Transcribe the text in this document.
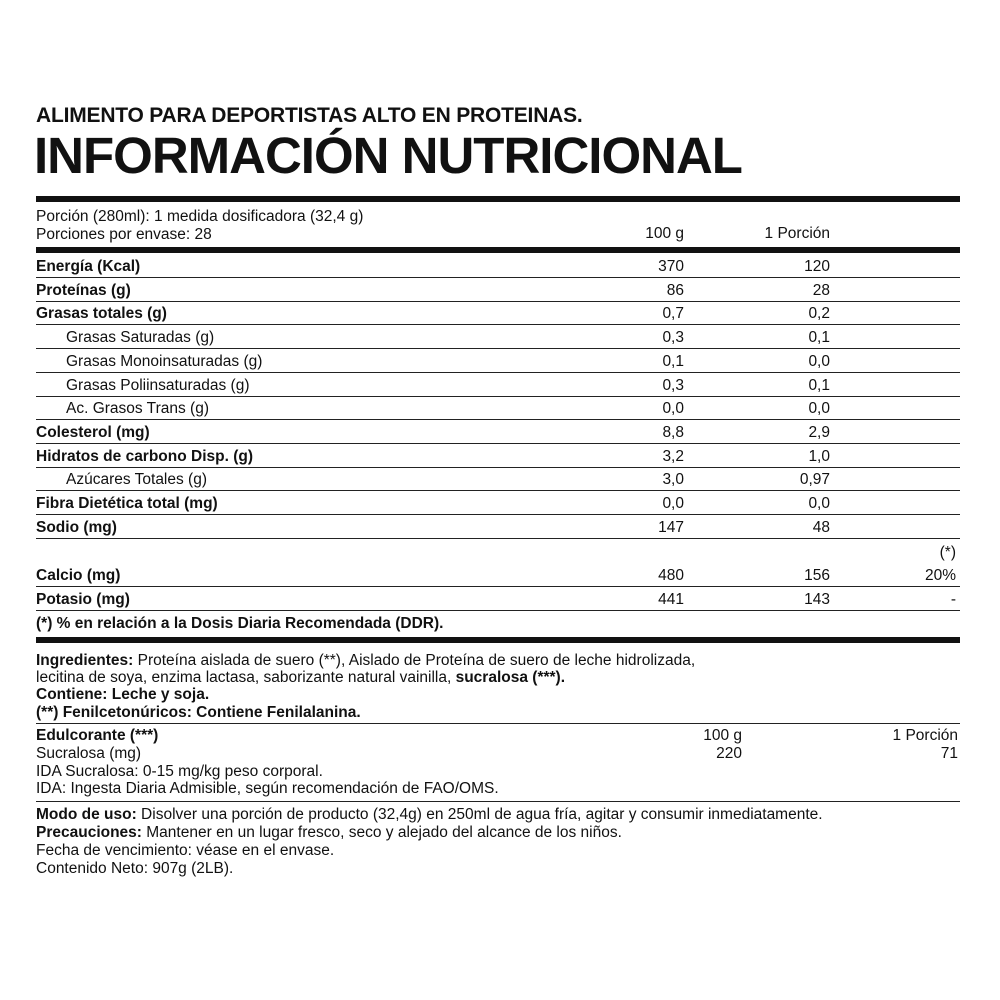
ALIMENTO PARA DEPORTISTAS ALTO EN PROTEINAS.
INFORMACIÓN NUTRICIONAL
Porción (280ml): 1 medida dosificadora (32,4 g)
Porciones por envase: 28	100 g	1 Porción
Energía (Kcal)	370	120
Proteínas (g)	86	28
Grasas totales (g)	0,7	0,2
Grasas Saturadas (g)	0,3	0,1
Grasas Monoinsaturadas (g)	0,1	0,0
Grasas Poliinsaturadas (g)	0,3	0,1
Ac. Grasos Trans (g)	0,0	0,0
Colesterol (mg)	8,8	2,9
Hidratos de carbono Disp. (g)	3,2	1,0
Azúcares Totales (g)	3,0	0,97
Fibra Dietética total (mg)	0,0	0,0
Sodio (mg)	147	48
(*)
Calcio (mg)	480	156	20%
Potasio (mg)	441	143	-
(*) % en relación a la Dosis Diaria Recomendada (DDR).
Ingredientes: Proteína aislada de suero (**), Aislado de Proteína de suero de leche hidrolizada,
lecitina de soya, enzima lactasa, saborizante natural vainilla, sucralosa (***).
Contiene: Leche y soja.
(**) Fenilcetonúricos: Contiene Fenilalanina.
Edulcorante (***)	100 g	1 Porción
Sucralosa (mg)	220	71
IDA Sucralosa: 0-15 mg/kg peso corporal.
IDA: Ingesta Diaria Admisible, según recomendación de FAO/OMS.
Modo de uso: Disolver una porción de producto (32,4g) en 250ml de agua fría, agitar y consumir inmediatamente.
Precauciones: Mantener en un lugar fresco, seco y alejado del alcance de los niños.
Fecha de vencimiento: véase en el envase.
Contenido Neto: 907g (2LB).
